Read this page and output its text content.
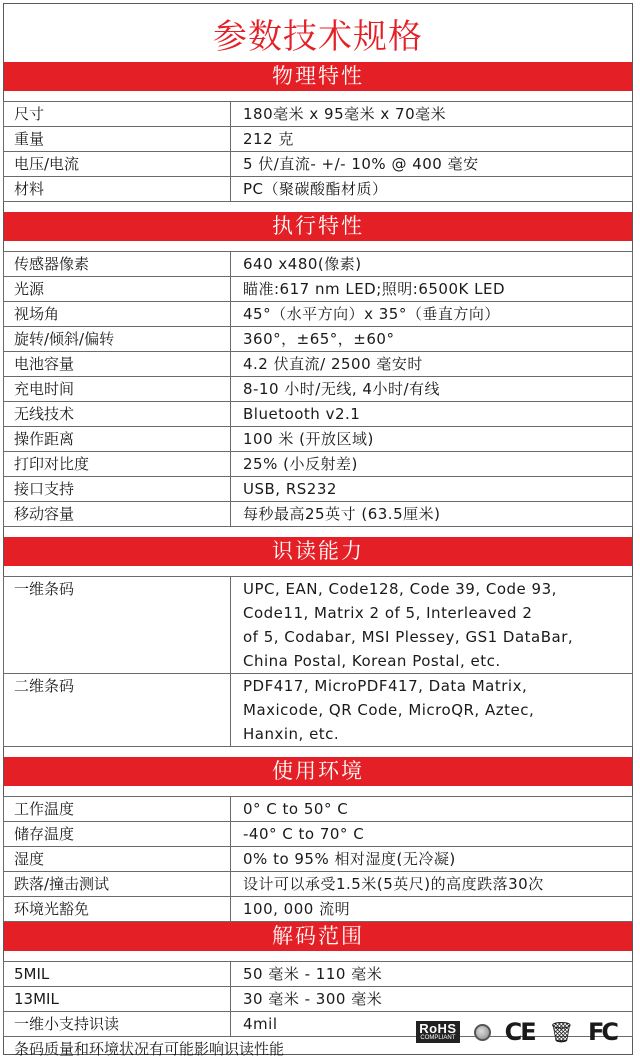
参数技术规格
物理特性
尺寸	180毫米 x 95毫米 x 70毫米
重量	212 克
电压/电流	5 伏/直流- +/- 10% @ 400 毫安
材料	PC（聚碳酸酯材质）
执行特性
传感器像素	640 x480(像素)
光源	瞄准:617 nm LED;照明:6500K LED
视场角	45°（水平方向）x 35°（垂直方向）
旋转/倾斜/偏转	360°，±65°，±60°
电池容量	4.2 伏直流/ 2500 毫安时
充电时间	8-10 小时/无线, 4小时/有线
无线技术	Bluetooth v2.1
操作距离	100 米 (开放区域)
打印对比度	25% (小反射差)
接口支持	USB, RS232
移动容量	每秒最高25英寸 (63.5厘米)
识读能力
一维条码	UPC, EAN, Code128, Code 39, Code 93,
Code11, Matrix 2 of 5, Interleaved 2
of 5, Codabar, MSI Plessey, GS1 DataBar,
China Postal, Korean Postal, etc.

二维条码	PDF417, MicroPDF417, Data Matrix,
Maxicode, QR Code, MicroQR, Aztec,
Hanxin, etc.
使用环境
工作温度	0° C to 50° C
储存温度	-40° C to 70° C
湿度	0% to 95% 相对湿度(无冷凝)
跌落/撞击测试	设计可以承受1.5米(5英尺)的高度跌落30次
环境光豁免	100, 000 流明
解码范围
5MIL	50 毫米 - 110 毫米
13MIL	30 毫米 - 300 毫米
一维小支持识读	4mil
条码质量和环境状况有可能影响识读性能
RoHS
COMPLIANT CE 🗑 FC
